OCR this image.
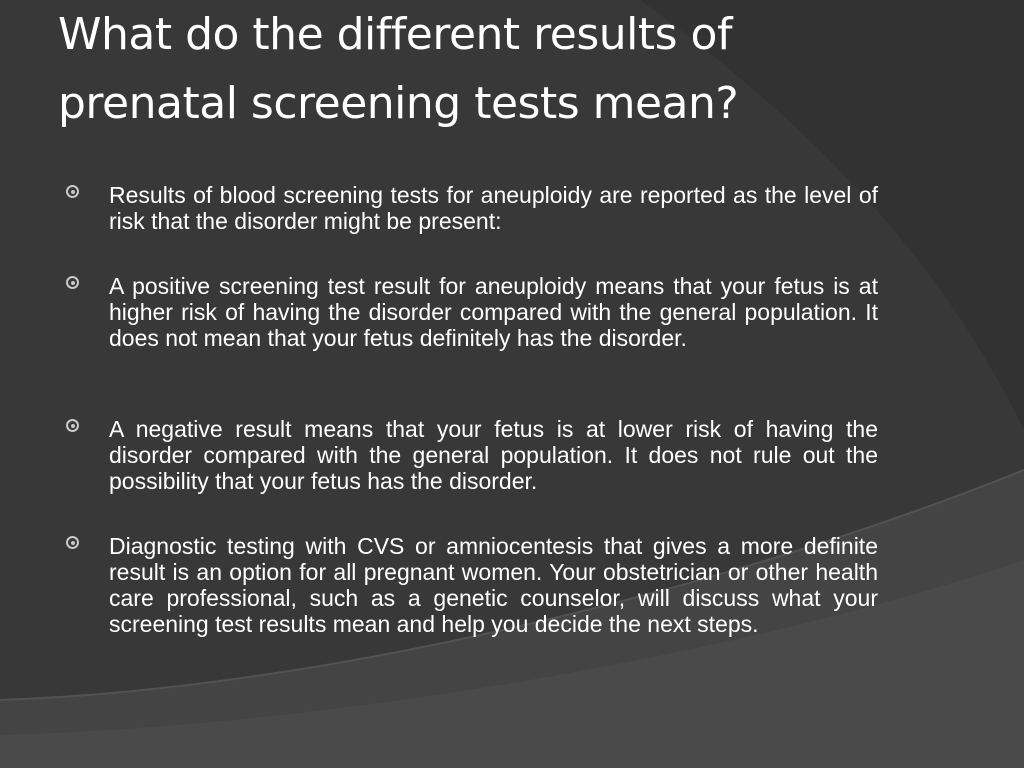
What do the different results of
prenatal screening tests mean?
Results of blood screening tests for aneuploidy are reported as the level of risk that the disorder might be present:
A positive screening test result for aneuploidy means that your fetus is at higher risk of having the disorder compared with the general population. It does not mean that your fetus definitely has the disorder.
A negative result means that your fetus is at lower risk of having the disorder compared with the general population. It does not rule out the possibility that your fetus has the disorder.
Diagnostic testing with CVS or amniocentesis that gives a more definite result is an option for all pregnant women. Your obstetrician or other health care professional, such as a genetic counselor, will discuss what your screening test results mean and help you decide the next steps.
